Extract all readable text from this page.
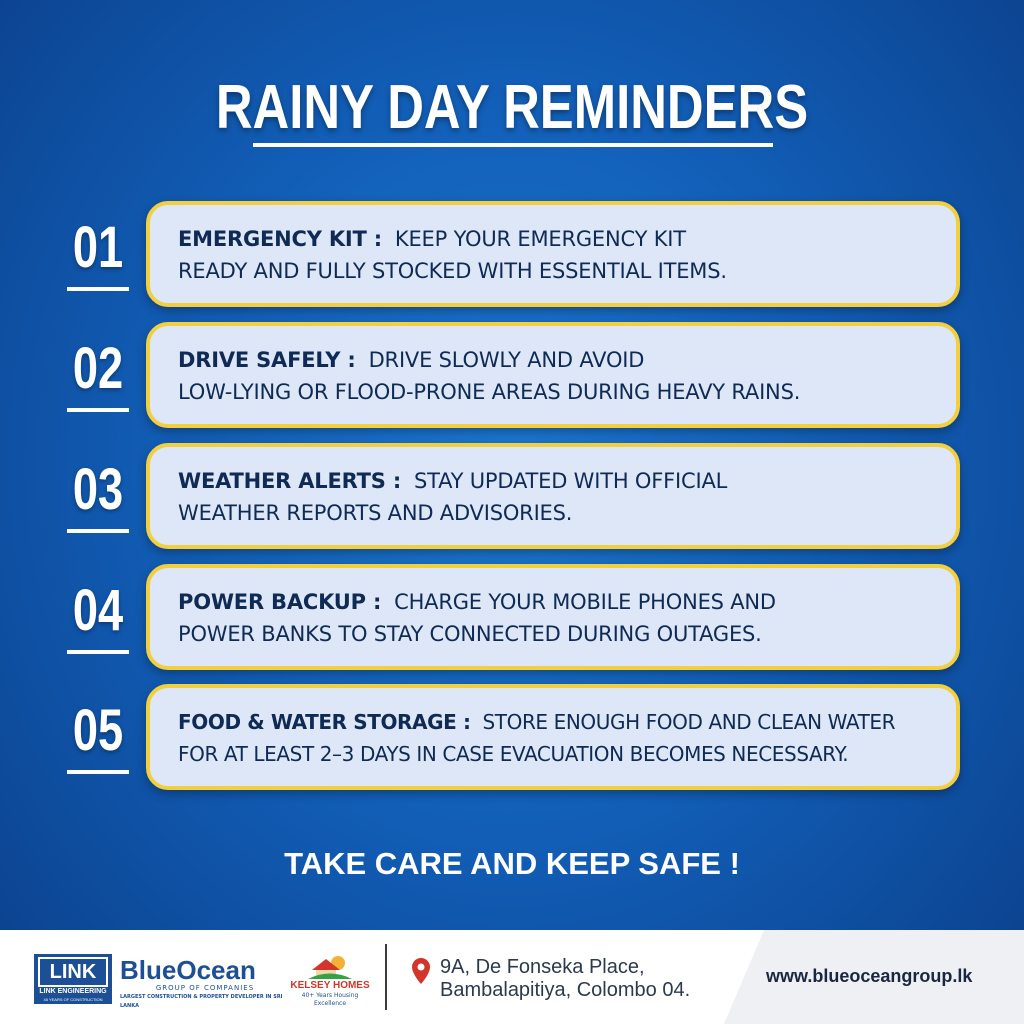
RAINY DAY REMINDERS
01	EMERGENCY KIT : KEEP YOUR EMERGENCY KIT
READY AND FULLY STOCKED WITH ESSENTIAL ITEMS.
02	DRIVE SAFELY : DRIVE SLOWLY AND AVOID
LOW-LYING OR FLOOD-PRONE AREAS DURING HEAVY RAINS.
03	WEATHER ALERTS : STAY UPDATED WITH OFFICIAL
WEATHER REPORTS AND ADVISORIES.
04	POWER BACKUP : CHARGE YOUR MOBILE PHONES AND
POWER BANKS TO STAY CONNECTED DURING OUTAGES.
05	FOOD & WATER STORAGE : STORE ENOUGH FOOD AND CLEAN WATER
FOR AT LEAST 2–3 DAYS IN CASE EVACUATION BECOMES NECESSARY.
TAKE CARE AND KEEP SAFE !
LINK
LINK ENGINEERING
45 YEARS OF CONSTRUCTION EXCELLENCE
BlueOcean
GROUP OF COMPANIES
LARGEST CONSTRUCTION & PROPERTY DEVELOPER IN SRI LANKA
KELSEY HOMES
40+ Years Housing Excellence
9A, De Fonseka Place,
Bambalapitiya, Colombo 04.
www.blueoceangroup.lk
